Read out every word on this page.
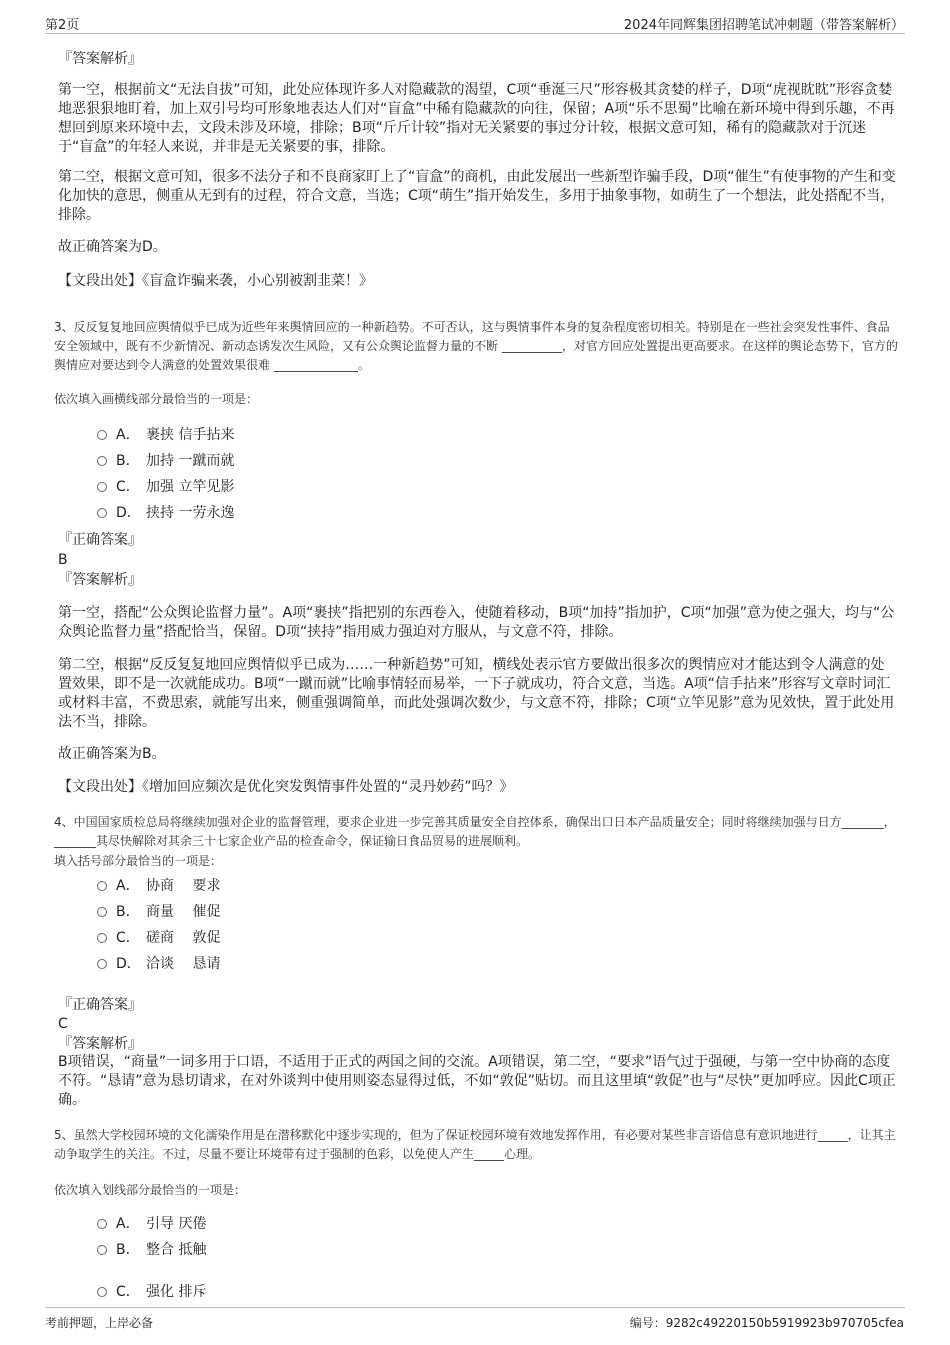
第2页	2024年同辉集团招聘笔试冲刺题（带答案解析）
『答案解析』

第一空，根据前文“无法自拔”可知，此处应体现许多人对隐藏款的渴望，C项“垂涎三尺”形容极其贪婪的样子，D项“虎视眈眈”形容贪婪地恶狠狠地盯着，加上双引号均可形象地表达人们对“盲盒”中稀有隐藏款的向往，保留；A项“乐不思蜀”比喻在新环境中得到乐趣，不再想回到原来环境中去，文段未涉及环境，排除；B项“斤斤计较”指对无关紧要的事过分计较，根据文意可知，稀有的隐藏款对于沉迷于“盲盒”的年轻人来说，并非是无关紧要的事，排除。

第二空，根据文意可知，很多不法分子和不良商家盯上了“盲盒”的商机，由此发展出一些新型诈骗手段，D项“催生”有使事物的产生和变化加快的意思，侧重从无到有的过程，符合文意，当选；C项“萌生”指开始发生，多用于抽象事物，如萌生了一个想法，此处搭配不当，排除。

故正确答案为D。
【文段出处】《盲盒诈骗来袭，小心别被割韭菜！》

3、反反复复地回应舆情似乎已成为近些年来舆情回应的一种新趋势。不可否认，这与舆情事件本身的复杂程度密切相关。特别是在一些社会突发性事件、食品安全领域中，既有不少新情况、新动态诱发次生风险，又有公众舆论监督力量的不断 __________，对官方回应处置提出更高要求。在这样的舆论态势下，官方的舆情应对要达到令人满意的处置效果很难 ______________。

依次填入画横线部分最恰当的一项是：
A． 裹挟 信手拈来
B． 加持 一蹴而就
C． 加强 立竿见影
D． 挟持 一劳永逸
『正确答案』
B
『答案解析』

第一空，搭配“公众舆论监督力量”。A项“裹挟”指把别的东西卷入，使随着移动，B项“加持”指加护，C项“加强”意为使之强大，均与“公众舆论监督力量”搭配恰当，保留。D项“挟持”指用威力强迫对方服从，与文意不符，排除。

第二空，根据“反反复复地回应舆情似乎已成为……一种新趋势”可知，横线处表示官方要做出很多次的舆情应对才能达到令人满意的处置效果，即不是一次就能成功。B项“一蹴而就”比喻事情轻而易举，一下子就成功，符合文意，当选。A项“信手拈来”形容写文章时词汇或材料丰富，不费思索，就能写出来，侧重强调简单，而此处强调次数少，与文意不符，排除；C项“立竿见影”意为见效快，置于此处用法不当，排除。

故正确答案为B。
【文段出处】《增加回应频次是优化突发舆情事件处置的“灵丹妙药”吗？》

4、中国国家质检总局将继续加强对企业的监督管理，要求企业进一步完善其质量安全自控体系，确保出口日本产品质量安全；同时将继续加强与日方_______，_______其尽快解除对其余三十七家企业产品的检查命令，保证输日食品贸易的进展顺利。

填入括号部分最恰当的一项是：
A． 协商　 要求
B． 商量　 催促
C． 磋商　 敦促
D． 洽谈　 恳请
『正确答案』
C
『答案解析』

B项错误，“商量”一词多用于口语，不适用于正式的两国之间的交流。A项错误，第二空，“要求”语气过于强硬，与第一空中协商的态度不符。“恳请”意为恳切请求，在对外谈判中使用则姿态显得过低，不如“敦促”贴切。而且这里填“敦促”也与“尽快”更加呼应。因此C项正确。

5、虽然大学校园环境的文化濡染作用是在潜移默化中逐步实现的，但为了保证校园环境有效地发挥作用，有必要对某些非言语信息有意识地进行_____，让其主动争取学生的关注。不过，尽量不要让环境带有过于强制的色彩，以免使人产生_____心理。

依次填入划线部分最恰当的一项是：
A． 引导 厌倦
B． 整合 抵触
C． 强化 排斥
考前押题，上岸必备	编号：9282c49220150b5919923b970705cfea
